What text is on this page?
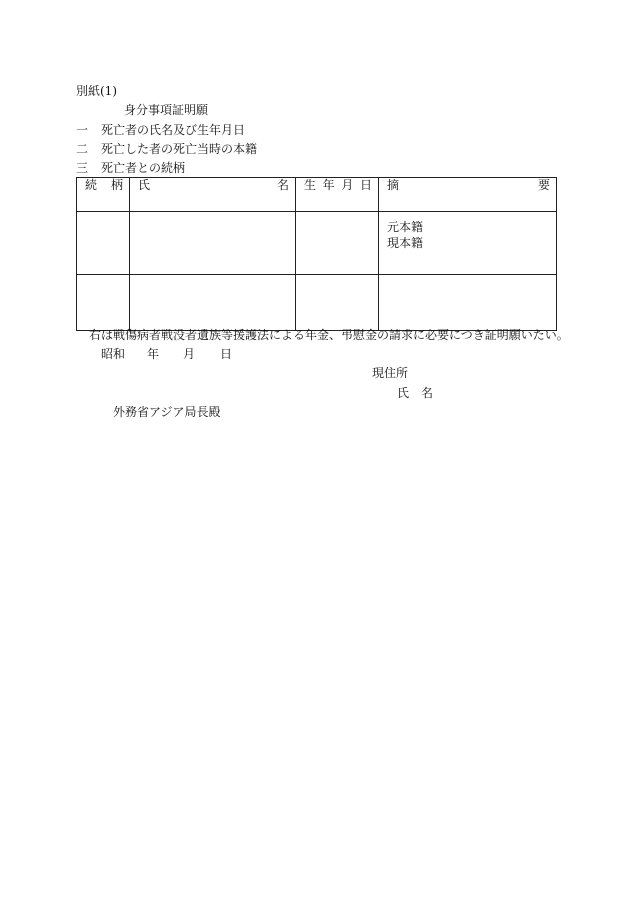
別紙(1)
身分事項証明願
一 死亡者の氏名及び生年月日
二 死亡した者の死亡当時の本籍
三 死亡者との続柄
続 柄	氏 名	生 年 月 日	摘 要

			元本籍
現本籍

右は戦傷病者戦没者遺族等援護法による年金、弔慰金の請求に必要につき証明願いたい。
昭和 年 月 日
現住所
氏 名
外務省アジア局長殿
